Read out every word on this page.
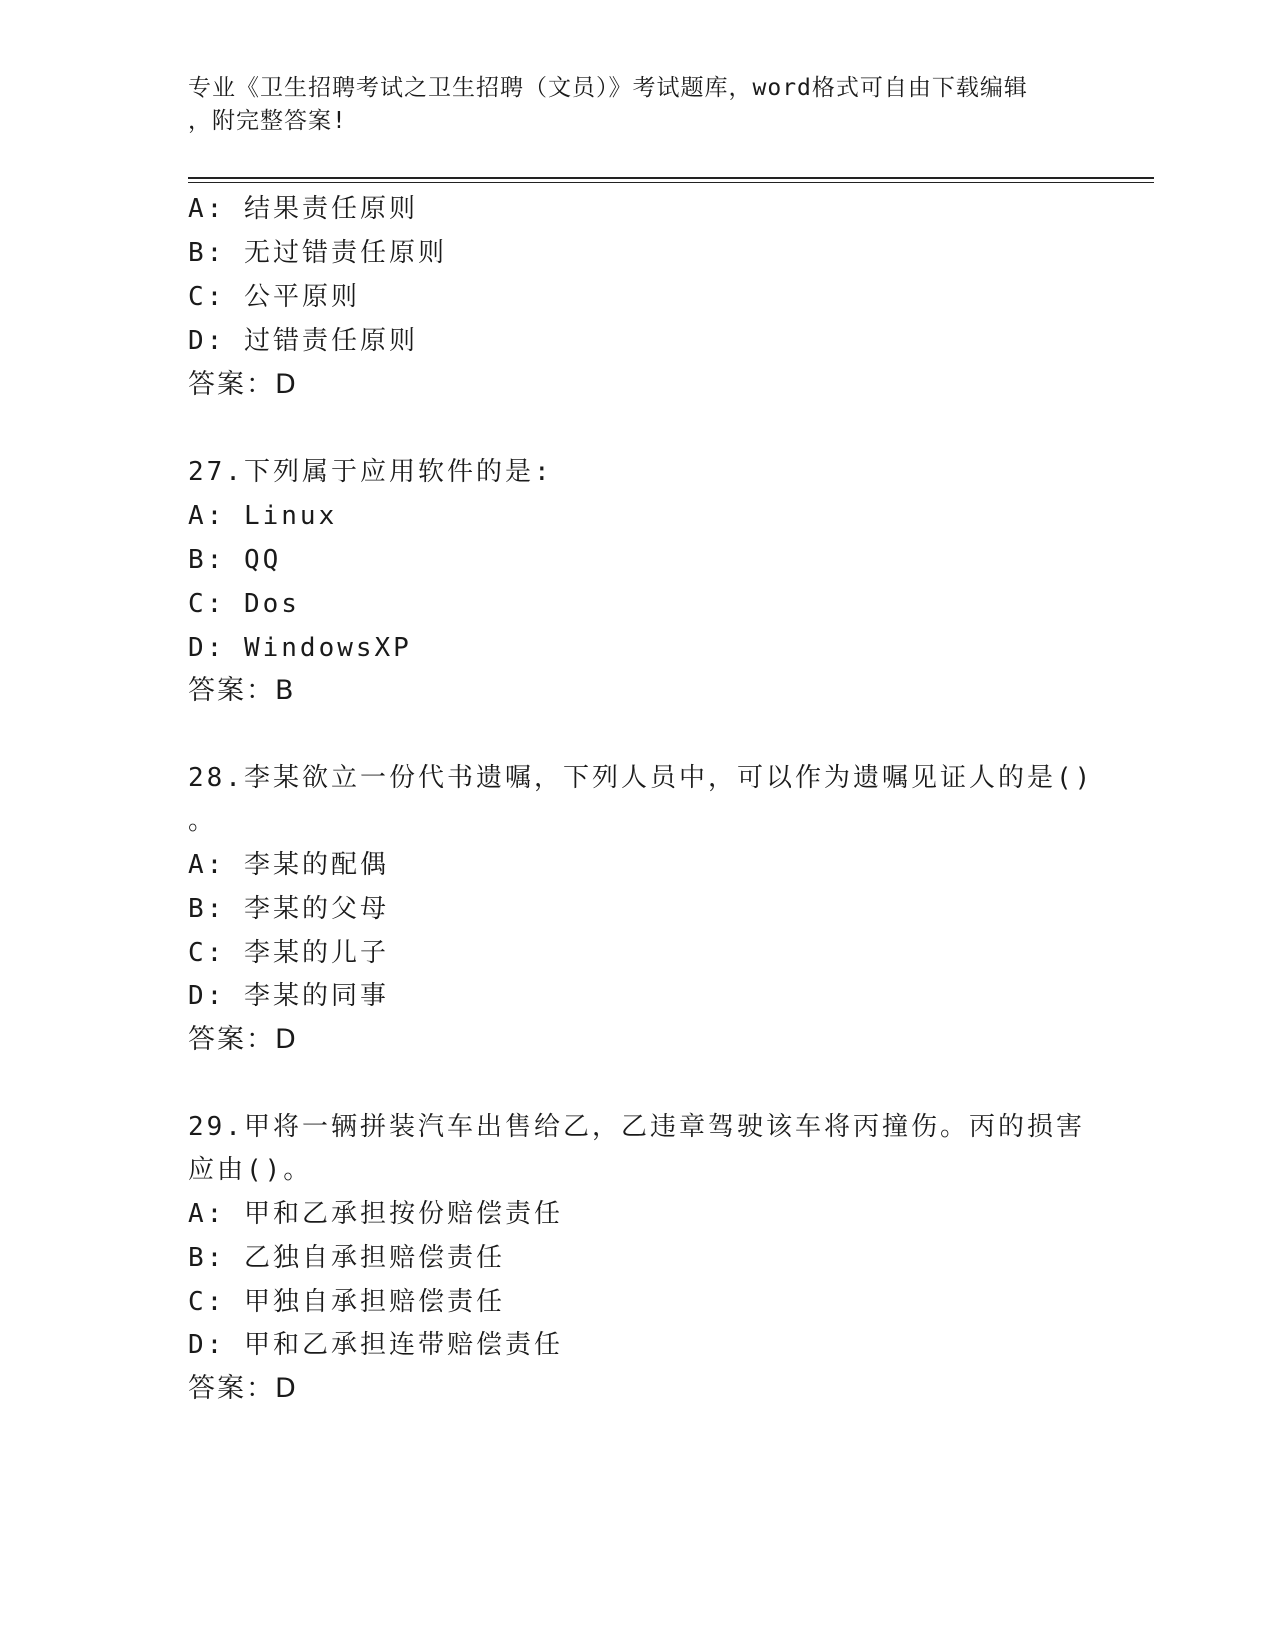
专业《卫生招聘考试之卫生招聘（文员）》考试题库，word格式可自由下载编辑
，附完整答案!
A: 结果责任原则
B: 无过错责任原则
C: 公平原则
D: 过错责任原则
答案：D
27.下列属于应用软件的是:
A: Linux
B: QQ
C: Dos
D: WindowsXP
答案：B
28.李某欲立一份代书遗嘱，下列人员中，可以作为遗嘱见证人的是()
。
A: 李某的配偶
B: 李某的父母
C: 李某的儿子
D: 李某的同事
答案：D
29.甲将一辆拼装汽车出售给乙，乙违章驾驶该车将丙撞伤。丙的损害
应由()。
A: 甲和乙承担按份赔偿责任
B: 乙独自承担赔偿责任
C: 甲独自承担赔偿责任
D: 甲和乙承担连带赔偿责任
答案：D
